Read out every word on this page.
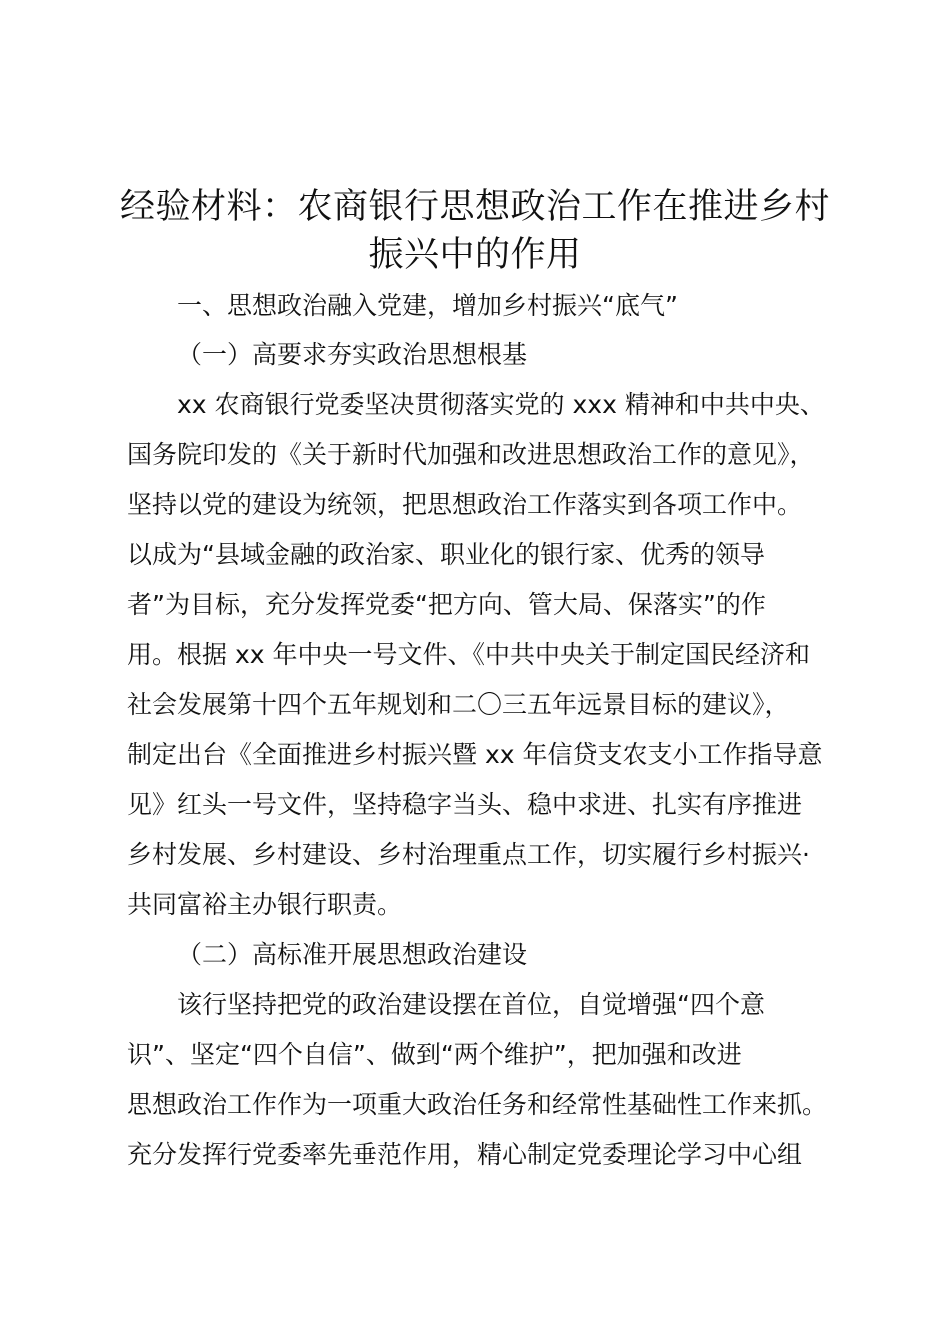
经验材料：农商银行思想政治工作在推进乡村
振兴中的作用
一、思想政治融入党建，增加乡村振兴“底气”
（一）高要求夯实政治思想根基
xx 农商银行党委坚决贯彻落实党的 xxx 精神和中共中央、
国务院印发的《关于新时代加强和改进思想政治工作的意见》，
坚持以党的建设为统领，把思想政治工作落实到各项工作中。
以成为“县域金融的政治家、职业化的银行家、优秀的领导
者”为目标，充分发挥党委“把方向、管大局、保落实”的作
用。根据 xx 年中央一号文件、《中共中央关于制定国民经济和
社会发展第十四个五年规划和二〇三五年远景目标的建议》，
制定出台《全面推进乡村振兴暨 xx 年信贷支农支小工作指导意
见》红头一号文件，坚持稳字当头、稳中求进、扎实有序推进
乡村发展、乡村建设、乡村治理重点工作，切实履行乡村振兴·
共同富裕主办银行职责。
（二）高标准开展思想政治建设
该行坚持把党的政治建设摆在首位，自觉增强“四个意
识”、坚定“四个自信”、做到“两个维护”，把加强和改进
思想政治工作作为一项重大政治任务和经常性基础性工作来抓。
充分发挥行党委率先垂范作用，精心制定党委理论学习中心组
